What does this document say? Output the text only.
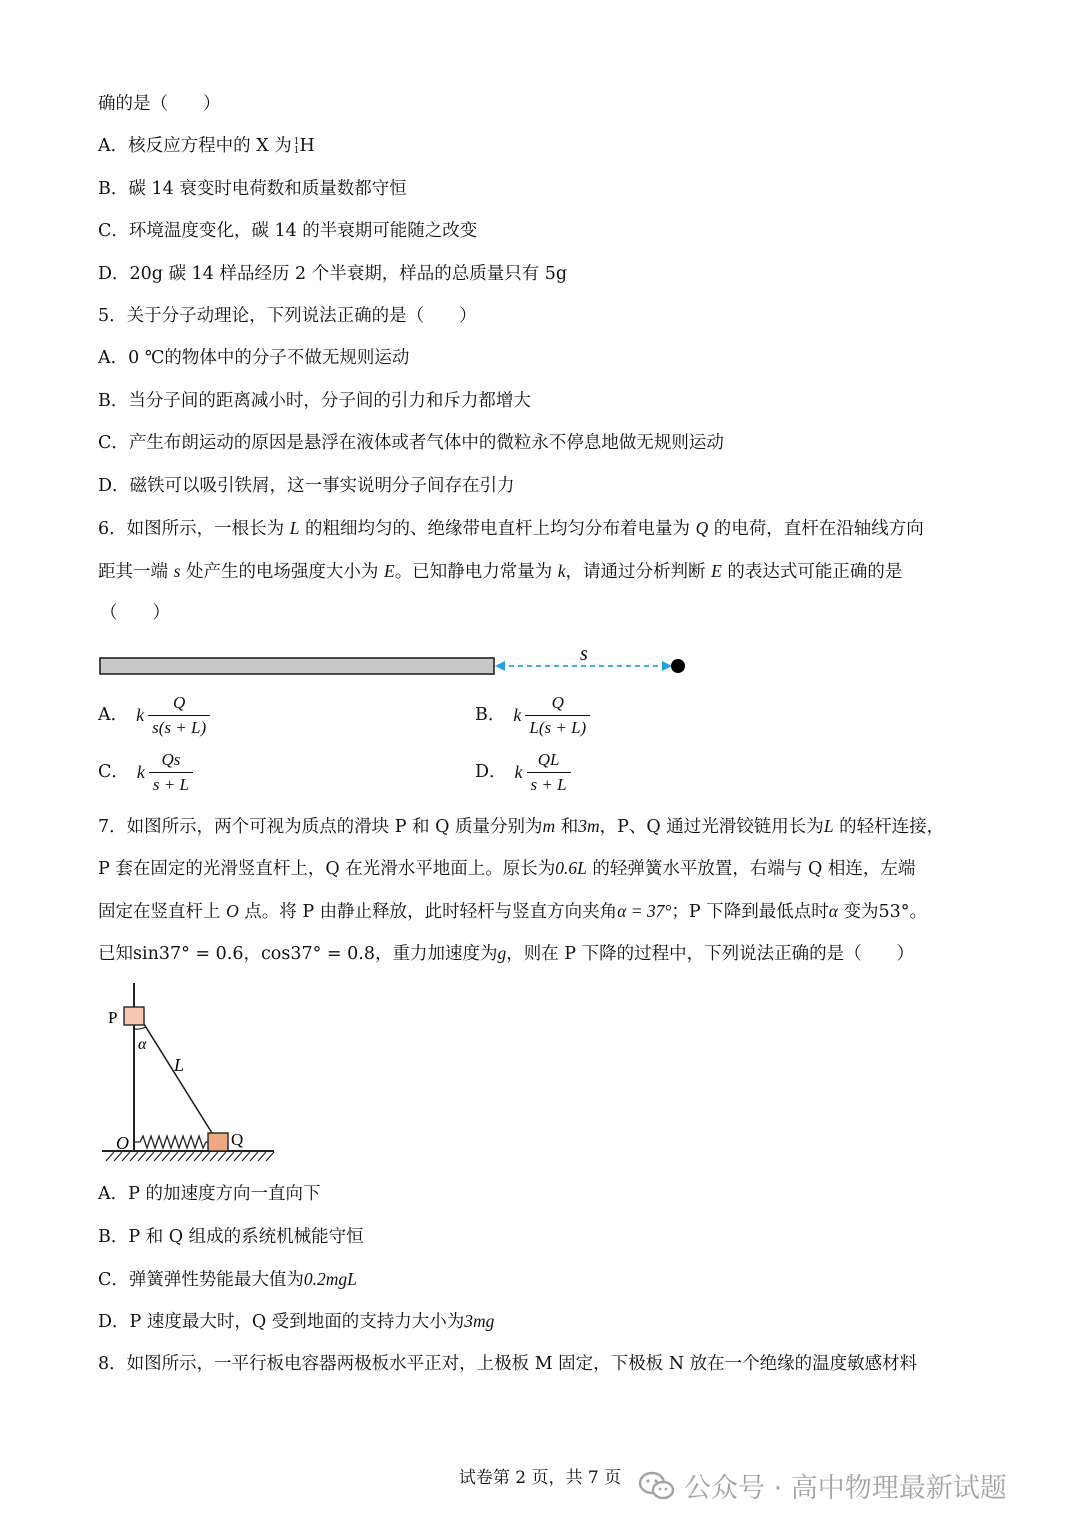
确的是（　　）
A．核反应方程中的 X 为 1
1 H
B．碳 14 衰变时电荷数和质量数都守恒
C．环境温度变化，碳 14 的半衰期可能随之改变
D．20g 碳 14 样品经历 2 个半衰期，样品的总质量只有 5g
5．关于分子动理论，下列说法正确的是（　　）
A．0 ℃的物体中的分子不做无规则运动
B．当分子间的距离减小时，分子间的引力和斥力都增大
C．产生布朗运动的原因是悬浮在液体或者气体中的微粒永不停息地做无规则运动
D．磁铁可以吸引铁屑，这一事实说明分子间存在引力
6．如图所示，一根长为 L 的粗细均匀的、绝缘带电直杆上均匀分布着电量为 Q 的电荷，直杆在沿轴线方向
距其一端 s 处产生的电场强度大小为 E。已知静电力常量为 k，请通过分析判断 E 的表达式可能正确的是
（　　）
s
A． k $\frac{Q}{s(s + L)}$	B． k $\frac{Q}{L(s + L)}$
C． k $\frac{Qs}{s + L}$	D． k $\frac{QL}{s + L}$
7．如图所示，两个可视为质点的滑块 P 和 Q 质量分别为m 和3m，P、Q 通过光滑铰链用长为L 的轻杆连接，
P 套在固定的光滑竖直杆上，Q 在光滑水平地面上。原长为0.6L 的轻弹簧水平放置，右端与 Q 相连，左端
固定在竖直杆上 O 点。将 P 由静止释放，此时轻杆与竖直方向夹角α = 37°；P 下降到最低点时α 变为53°。
已知sin37° = 0.6，cos37° = 0.8，重力加速度为g，则在 P 下降的过程中，下列说法正确的是（　　）
P
α
L
O	Q
A．P 的加速度方向一直向下
B．P 和 Q 组成的系统机械能守恒
C．弹簧弹性势能最大值为0.2mgL
D．P 速度最大时，Q 受到地面的支持力大小为3mg
8．如图所示，一平行板电容器两极板水平正对，上极板 M 固定，下极板 N 放在一个绝缘的温度敏感材料
试卷第 2 页，共 7 页	公众号 · 高中物理最新试题
